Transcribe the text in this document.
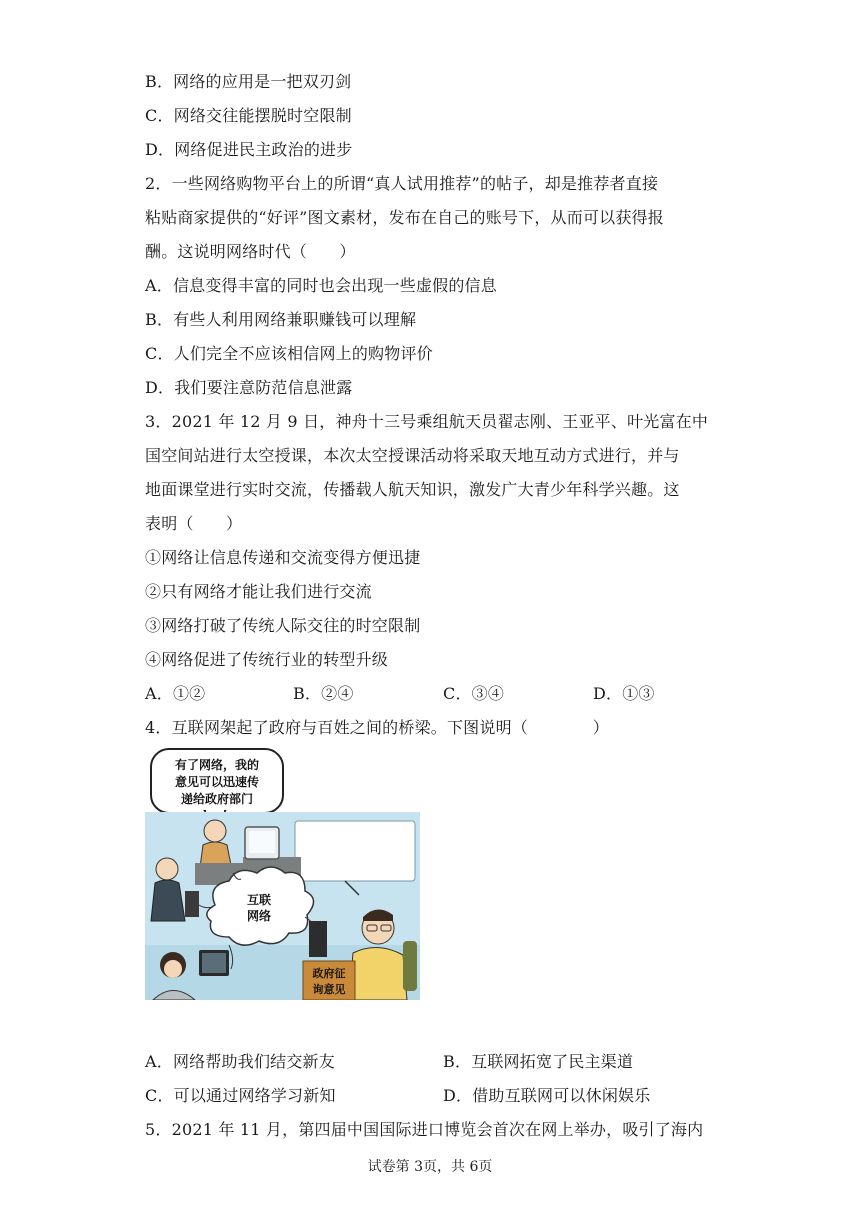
B．网络的应用是一把双刃剑
C．网络交往能摆脱时空限制
D．网络促进民主政治的进步
2．一些网络购物平台上的所谓“真人试用推荐”的帖子，却是推荐者直接
粘贴商家提供的“好评”图文素材，发布在自己的账号下，从而可以获得报
酬。这说明网络时代（　　）
A．信息变得丰富的同时也会出现一些虚假的信息
B．有些人利用网络兼职赚钱可以理解
C．人们完全不应该相信网上的购物评价
D．我们要注意防范信息泄露
3．2021 年 12 月 9 日，神舟十三号乘组航天员翟志刚、王亚平、叶光富在中
国空间站进行太空授课，本次太空授课活动将采取天地互动方式进行，并与
地面课堂进行实时交流，传播载人航天知识，激发广大青少年科学兴趣。这
表明（　　）
①网络让信息传递和交流变得方便迅捷
②只有网络才能让我们进行交流
③网络打破了传统人际交往的时空限制
④网络促进了传统行业的转型升级
A．①②	B．②④	C．③④	D．①③
4．互联网架起了政府与百姓之间的桥梁。下图说明（　　　　）
有了网络，我的
意见可以迅速传
递给政府部门
互联
网络
政府征
询意见
A．网络帮助我们结交新友	B．互联网拓宽了民主渠道
C．可以通过网络学习新知	D．借助互联网可以休闲娱乐
5．2021 年 11 月，第四届中国国际进口博览会首次在网上举办，吸引了海内
试卷第 3页，共 6页
